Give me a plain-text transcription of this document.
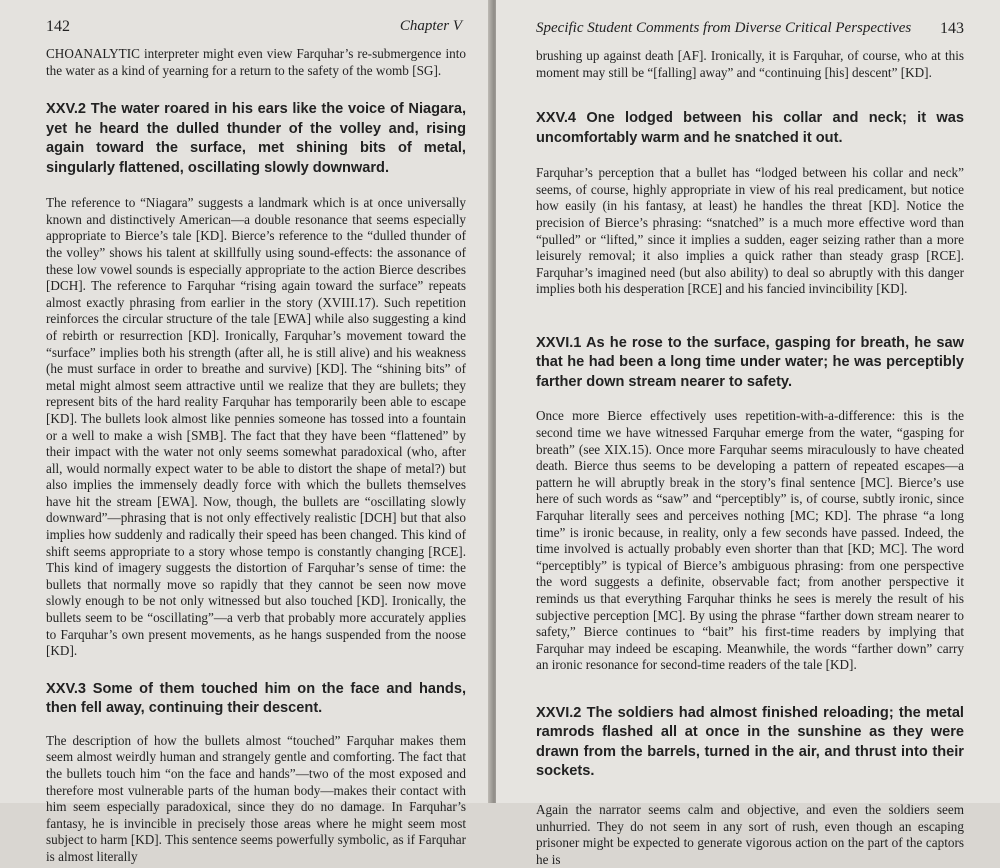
142	Chapter V

CHOANALYTIC interpreter might even view Farquhar’s re-submergence into the water as a kind of yearning for a return to the safety of the womb [SG].

XXV.2 The water roared in his ears like the voice of Niagara, yet he heard the dulled thunder of the volley and, rising again toward the surface, met shining bits of metal, singularly flattened, oscillating slowly downward.

The reference to “Niagara” suggests a landmark which is at once universally known and distinctively American—a double resonance that seems especially appropriate to Bierce’s tale [KD]. Bierce’s reference to the “dulled thunder of the volley” shows his talent at skillfully using sound-effects: the assonance of these low vowel sounds is especially appropriate to the action Bierce describes [DCH]. The reference to Farquhar “rising again toward the surface” repeats almost exactly phrasing from earlier in the story (XVIII.17). Such repetition reinforces the circular structure of the tale [EWA] while also suggesting a kind of rebirth or resurrection [KD]. Ironically, Farquhar’s movement toward the “surface” implies both his strength (after all, he is still alive) and his weakness (he must surface in order to breathe and survive) [KD]. The “shining bits” of metal might almost seem attractive until we realize that they are bullets; they represent bits of the hard reality Farquhar has temporarily been able to escape [KD]. The bullets look almost like pennies someone has tossed into a fountain or a well to make a wish [SMB]. The fact that they have been “flattened” by their impact with the water not only seems somewhat paradoxical (who, after all, would normally expect water to be able to distort the shape of metal?) but also implies the immensely deadly force with which the bullets themselves have hit the stream [EWA]. Now, though, the bullets are “oscillating slowly downward”—phrasing that is not only effectively realistic [DCH] but that also implies how suddenly and radically their speed has been changed. This kind of shift seems appropriate to a story whose tempo is constantly changing [RCE]. This kind of imagery suggests the distortion of Farquhar’s sense of time: the bullets that normally move so rapidly that they cannot be seen now move slowly enough to be not only witnessed but also touched [KD]. Ironically, the bullets seem to be “oscillating”—a verb that probably more accurately applies to Farquhar’s own present movements, as he hangs suspended from the noose [KD].

XXV.3 Some of them touched him on the face and hands, then fell away, continuing their descent.

The description of how the bullets almost “touched” Farquhar makes them seem almost weirdly human and strangely gentle and comforting. The fact that the bullets touch him “on the face and hands”—two of the most exposed and therefore most vulnerable parts of the human body—makes their contact with him seem especially paradoxical, since they do no damage. In Farquhar’s fantasy, he is invincible in precisely those areas where he might seem most subject to harm [KD]. This sentence seems powerfully symbolic, as if Farquhar is almost literally

Specific Student Comments from Diverse Critical Perspectives 143

brushing up against death [AF]. Ironically, it is Farquhar, of course, who at this moment may still be “[falling] away” and “continuing [his] descent” [KD].

XXV.4 One lodged between his collar and neck; it was uncomfortably warm and he snatched it out.

Farquhar’s perception that a bullet has “lodged between his collar and neck” seems, of course, highly appropriate in view of his real predicament, but notice how easily (in his fantasy, at least) he handles the threat [KD]. Notice the precision of Bierce’s phrasing: “snatched” is a much more effective word than “pulled” or “lifted,” since it implies a sudden, eager seizing rather than a more leisurely removal; it also implies a quick rather than steady grasp [RCE]. Farquhar’s imagined need (but also ability) to deal so abruptly with this danger implies both his desperation [RCE] and his fancied invincibility [KD].

XXVI.1 As he rose to the surface, gasping for breath, he saw that he had been a long time under water; he was perceptibly farther down stream nearer to safety.

Once more Bierce effectively uses repetition-with-a-difference: this is the second time we have witnessed Farquhar emerge from the water, “gasping for breath” (see XIX.15). Once more Farquhar seems miraculously to have cheated death. Bierce thus seems to be developing a pattern of repeated escapes—a pattern he will abruptly break in the story’s final sentence [MC]. Bierce’s use here of such words as “saw” and “perceptibly” is, of course, subtly ironic, since Farquhar literally sees and perceives nothing [MC; KD]. The phrase “a long time” is ironic because, in reality, only a few seconds have passed. Indeed, the time involved is actually probably even shorter than that [KD; MC]. The word “perceptibly” is typical of Bierce’s ambiguous phrasing: from one perspective the word suggests a definite, observable fact; from another perspective it reminds us that everything Farquhar thinks he sees is merely the result of his subjective perception [MC]. By using the phrase “farther down stream nearer to safety,” Bierce continues to “bait” his first-time readers by implying that Farquhar may indeed be escaping. Meanwhile, the words “farther down” carry an ironic resonance for second-time readers of the tale [KD].

XXVI.2 The soldiers had almost finished reloading; the metal ramrods flashed all at once in the sunshine as they were drawn from the barrels, turned in the air, and thrust into their sockets.

Again the narrator seems calm and objective, and even the soldiers seem unhurried. They do not seem in any sort of rush, even though an escaping prisoner might be expected to generate vigorous action on the part of the captors he is
